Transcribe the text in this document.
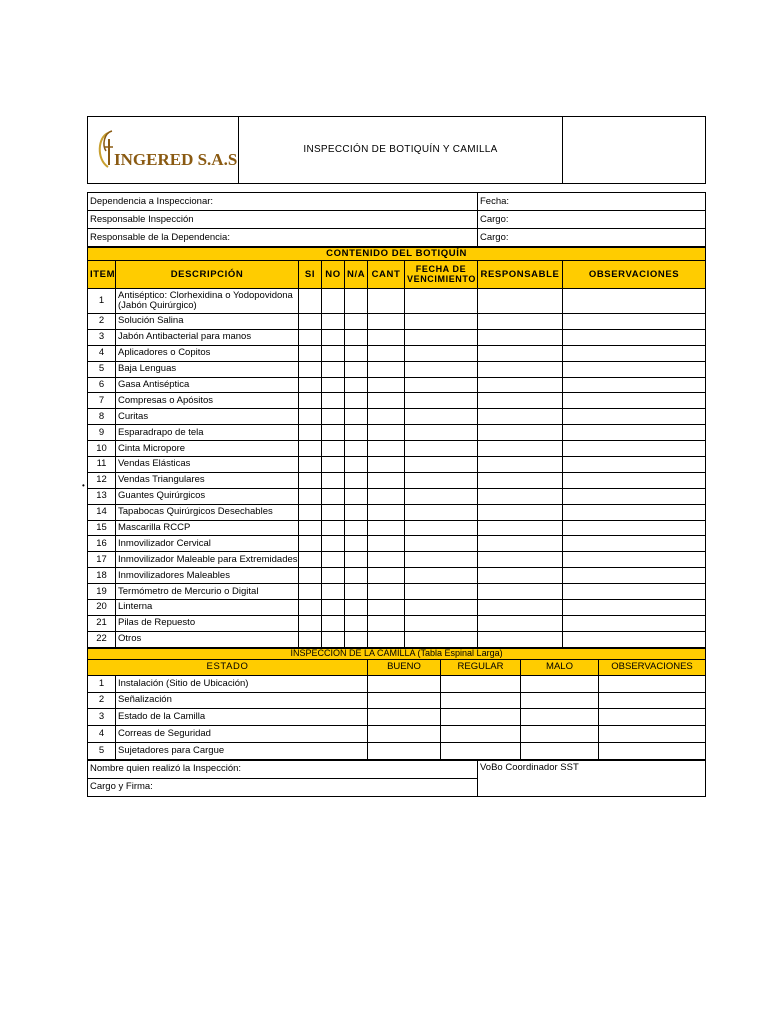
INGERED S.A.S
	INSPECCIÓN DE BOTIQUÍN Y CAMILLA	
Dependencia a Inspeccionar:	Fecha:
Responsable Inspección	Cargo:
Responsable de la Dependencia:	Cargo:
CONTENIDO DEL BOTIQUÍN								
ITEM	DESCRIPCIÓN	SI	NO	N/A	CANT	FECHA DE VENCIMIENTO	RESPONSABLE	OBSERVACIONES
1	Antiséptico: Clorhexidina o Yodopovidona (Jabón Quirúrgico)							
2	Solución Salina							
3	Jabón Antibacterial para manos							
4	Aplicadores o Copitos							
5	Baja Lenguas							
6	Gasa Antiséptica							
7	Compresas o Apósitos							
8	Curitas							
9	Esparadrapo de tela							
10	Cinta Micropore							
11	Vendas Elásticas							
12	Vendas Triangulares							
13	Guantes Quirúrgicos							
14	Tapabocas Quirúrgicos Desechables							
15	Mascarilla RCCP							
16	Inmovilizador Cervical							
17	Inmovilizador Maleable para Extremidades							
18	Inmovilizadores Maleables							
19	Termómetro de Mercurio o Digital							
20	Linterna							
21	Pilas de Repuesto							
22	Otros							
INSPECCIÓN DE LA CAMILLA (Tabla Espinal Larga)					
ESTADO		BUENO	REGULAR	MALO	OBSERVACIONES
1	Instalación (Sitio de Ubicación)				
2	Señalización				
3	Estado de la Camilla				
4	Correas de Seguridad				
5	Sujetadores para Cargue				
Nombre quien realizó la Inspección:	VoBo Coordinador SST
Cargo y Firma:
•
